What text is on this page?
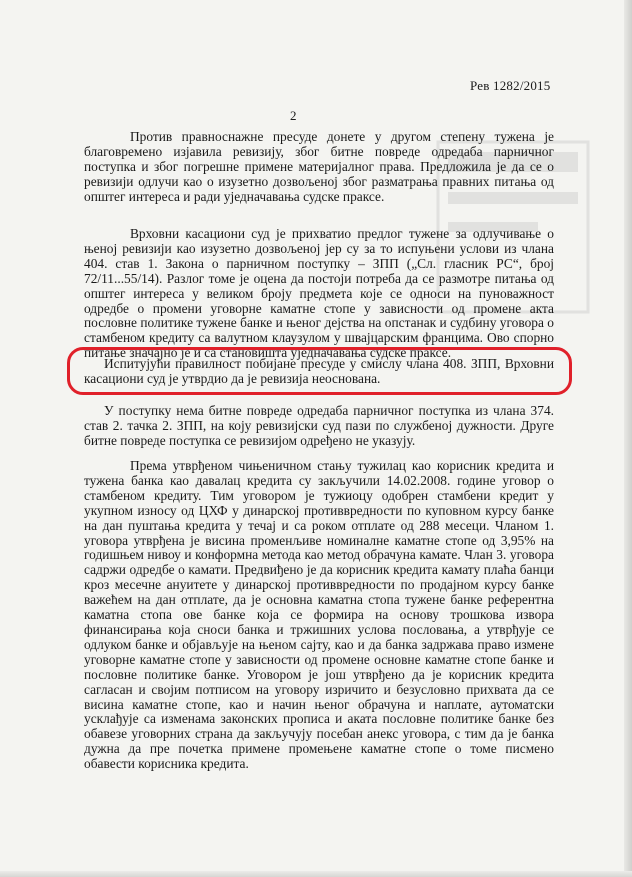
Рев 1282/2015
2

Против правноснажне пресуде донете у другом степену тужена је благовремено изјавила ревизију, због битне повреде одредаба парничног поступка и због погрешне примене материјалног права. Предложила је да се о ревизији одлучи као о изузетно дозвољеној због разматрања правних питања од општег интереса и ради уједначавања судске праксе.

Врховни касациони суд је прихватио предлог тужене за одлучивање о њеној ревизији као изузетно дозвољеној јер су за то испуњени услови из члана 404. став 1. Закона о парничном поступку – ЗПП („Сл. гласник РС“, број 72/11...55/14). Разлог томе је оцена да постоји потреба да се размотре питања од општег интереса у великом броју предмета које се односи на пуноважност одредбе о промени уговорне каматне стопе у зависности од промене акта пословне политике тужене банке и њеног дејства на опстанак и судбину уговора о стамбеном кредиту са валутном клаузулом у швајцарским францима. Ово спорно питање значајно је и са становишта уједначавања судске праксе.

Испитујући правилност побијане пресуде у смислу члана 408. ЗПП, Врховни касациони суд је утврдио да је ревизија неоснована.

У поступку нема битне повреде одредаба парничног поступка из члана 374. став 2. тачка 2. ЗПП, на коју ревизијски суд пази по службеној дужности. Друге битне повреде поступка се ревизијом одређено не указују.

Према утврђеном чињеничном стању тужилац као корисник кредита и тужена банка као давалац кредита су закључили 14.02.2008. године уговор о стамбеном кредиту. Тим уговором је тужиоцу одобрен стамбени кредит у укупном износу од ЦХФ у динарској противвредности по куповном курсу банке на дан пуштања кредита у течај и са роком отплате од 288 месеци. Чланом 1. уговора утврђена је висина променљиве номиналне каматне стопе од 3,95% на годишњем нивоу и конформна метода као метод обрачуна камате. Члан 3. уговора садржи одредбе о камати. Предвиђено је да корисник кредита камату плаћа банци кроз месечне ануитете у динарској противвредности по продајном курсу банке важећем на дан отплате, да је основна каматна стопа тужене банке референтна каматна стопа ове банке која се формира на основу трошкова извора финансирања која сноси банка и тржишних услова пословања, а утврђује се одлуком банке и објављује на њеном сајту, као и да банка задржава право измене уговорне каматне стопе у зависности од промене основне каматне стопе банке и пословне политике банке. Уговором је још утврђено да је корисник кредита сагласан и својим потписом на уговору изричито и безусловно прихвата да се висина каматне стопе, као и начин њеног обрачуна и наплате, аутоматски усклађује са изменама законских прописа и аката пословне политике банке без обавезе уговорних страна да закључују посебан анекс уговора, с тим да је банка дужна да пре почетка примене промењене каматне стопе о томе писмено обавести корисника кредита.
